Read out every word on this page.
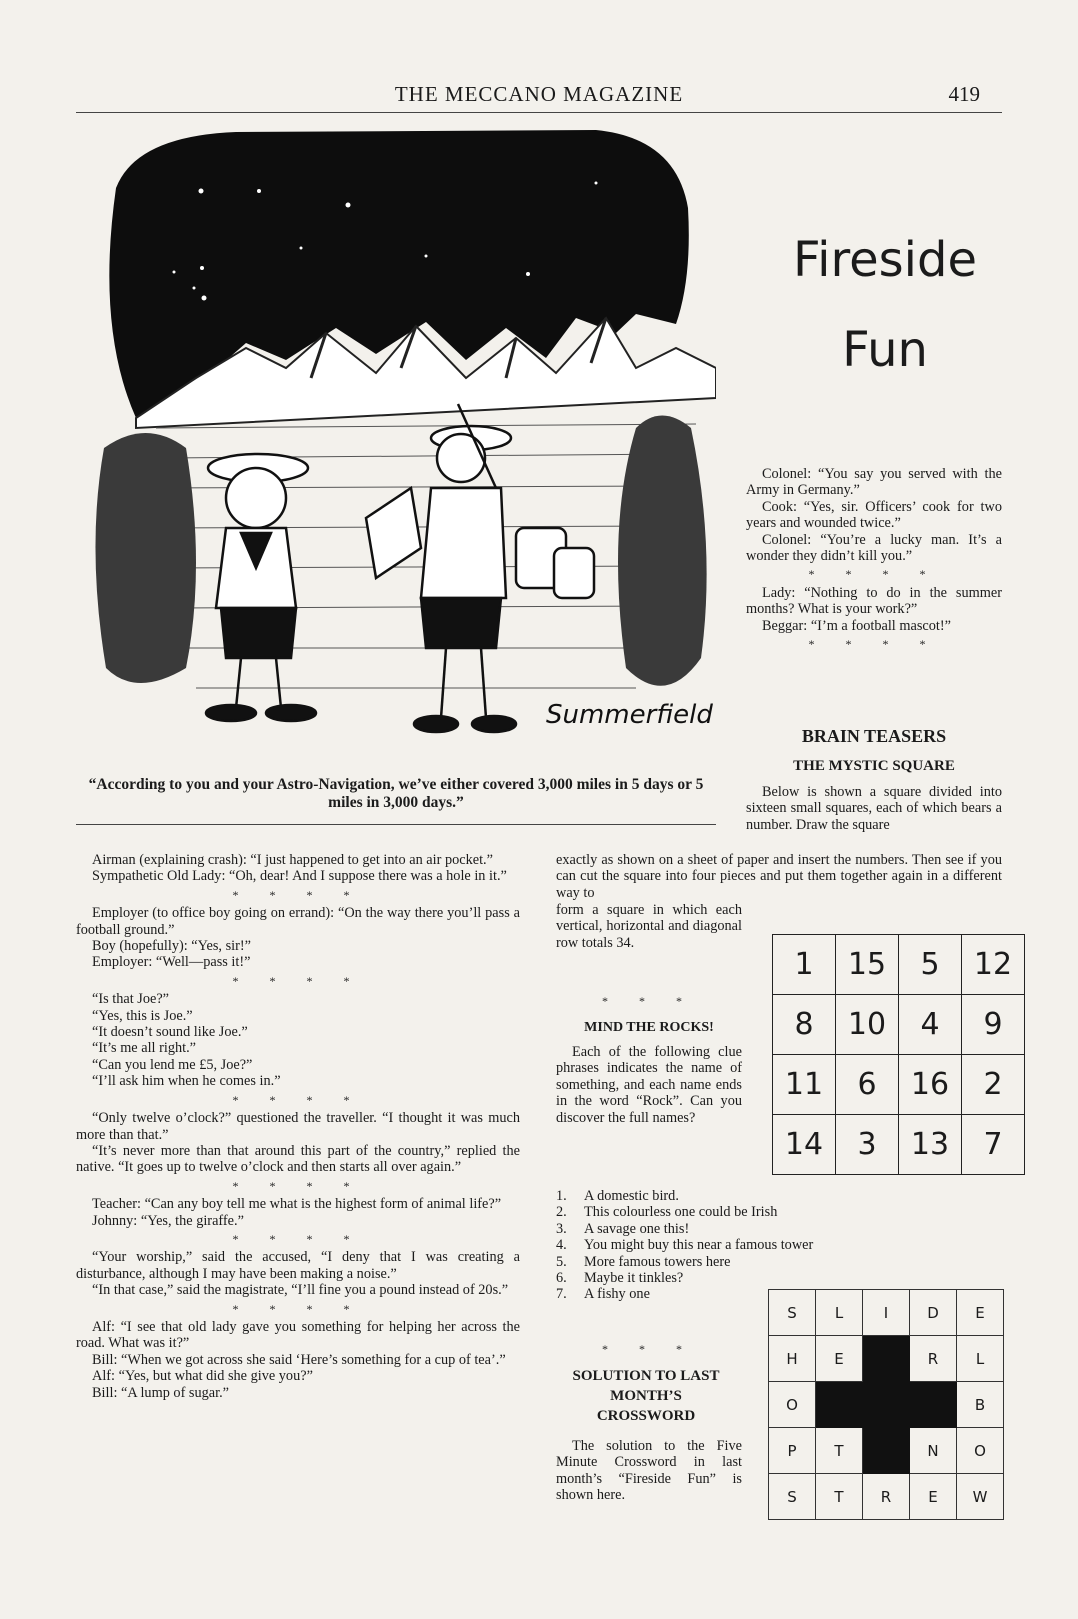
THE MECCANO MAGAZINE	419
Summerfield
“According to you and your Astro-Navigation, we’ve either covered 3,000 miles in 5 days or 5 miles in 3,000 days.”
Fireside
Fun

Colonel: “You say you served with the Army in Germany.”

Cook: “Yes, sir. Officers’ cook for two years and wounded twice.”

Colonel: “You’re a lucky man. It’s a wonder they didn’t kill you.”

* * * *

Lady: “Nothing to do in the summer months? What is your work?”

Beggar: “I’m a football mascot!”

* * * *
BRAIN TEASERS
THE MYSTIC SQUARE

Below is shown a square divided into sixteen small squares, each of which bears a number. Draw the square

exactly as shown on a sheet of paper and insert the numbers. Then see if you can cut the square into four pieces and put them together again in a different way to

form a square in which each vertical, horizontal and diagonal row totals 34.

1	15	5	12
8	10	4	9
11	6	16	2
14	3	13	7
* * *
MIND THE ROCKS!

Each of the following clue phrases indicates the name of something, and each name ends in the word “Rock”. Can you discover the full names?

1. A domestic bird.
2. This colourless one could be Irish
3. A savage one this!
4. You might buy this near a famous tower
5. More famous towers here
6. Maybe it tinkles?
7. A fishy one
* * *
SOLUTION TO LAST MONTH’S CROSSWORD

The solution to the Five Minute Crossword in last month’s “Fireside Fun” is shown here.

S	L	I	D	E
H	E		R	L
O				B
P	T		N	O
S	T	R	E	W

Airman (explaining crash): “I just happened to get into an air pocket.”

Sympathetic Old Lady: “Oh, dear! And I suppose there was a hole in it.”

* * * *

Employer (to office boy going on errand): “On the way there you’ll pass a football ground.”

Boy (hopefully): “Yes, sir!”

Employer: “Well—pass it!”

* * * *

“Is that Joe?”

“Yes, this is Joe.”

“It doesn’t sound like Joe.”

“It’s me all right.”

“Can you lend me £5, Joe?”

“I’ll ask him when he comes in.”

* * * *

“Only twelve o’clock?” questioned the traveller. “I thought it was much more than that.”

“It’s never more than that around this part of the country,” replied the native. “It goes up to twelve o’clock and then starts all over again.”

* * * *

Teacher: “Can any boy tell me what is the highest form of animal life?”

Johnny: “Yes, the giraffe.”

* * * *

“Your worship,” said the accused, “I deny that I was creating a disturbance, although I may have been making a noise.”

“In that case,” said the magistrate, “I’ll fine you a pound instead of 20s.”

* * * *

Alf: “I see that old lady gave you something for helping her across the road. What was it?”

Bill: “When we got across she said ‘Here’s something for a cup of tea’.”

Alf: “Yes, but what did she give you?”

Bill: “A lump of sugar.”
